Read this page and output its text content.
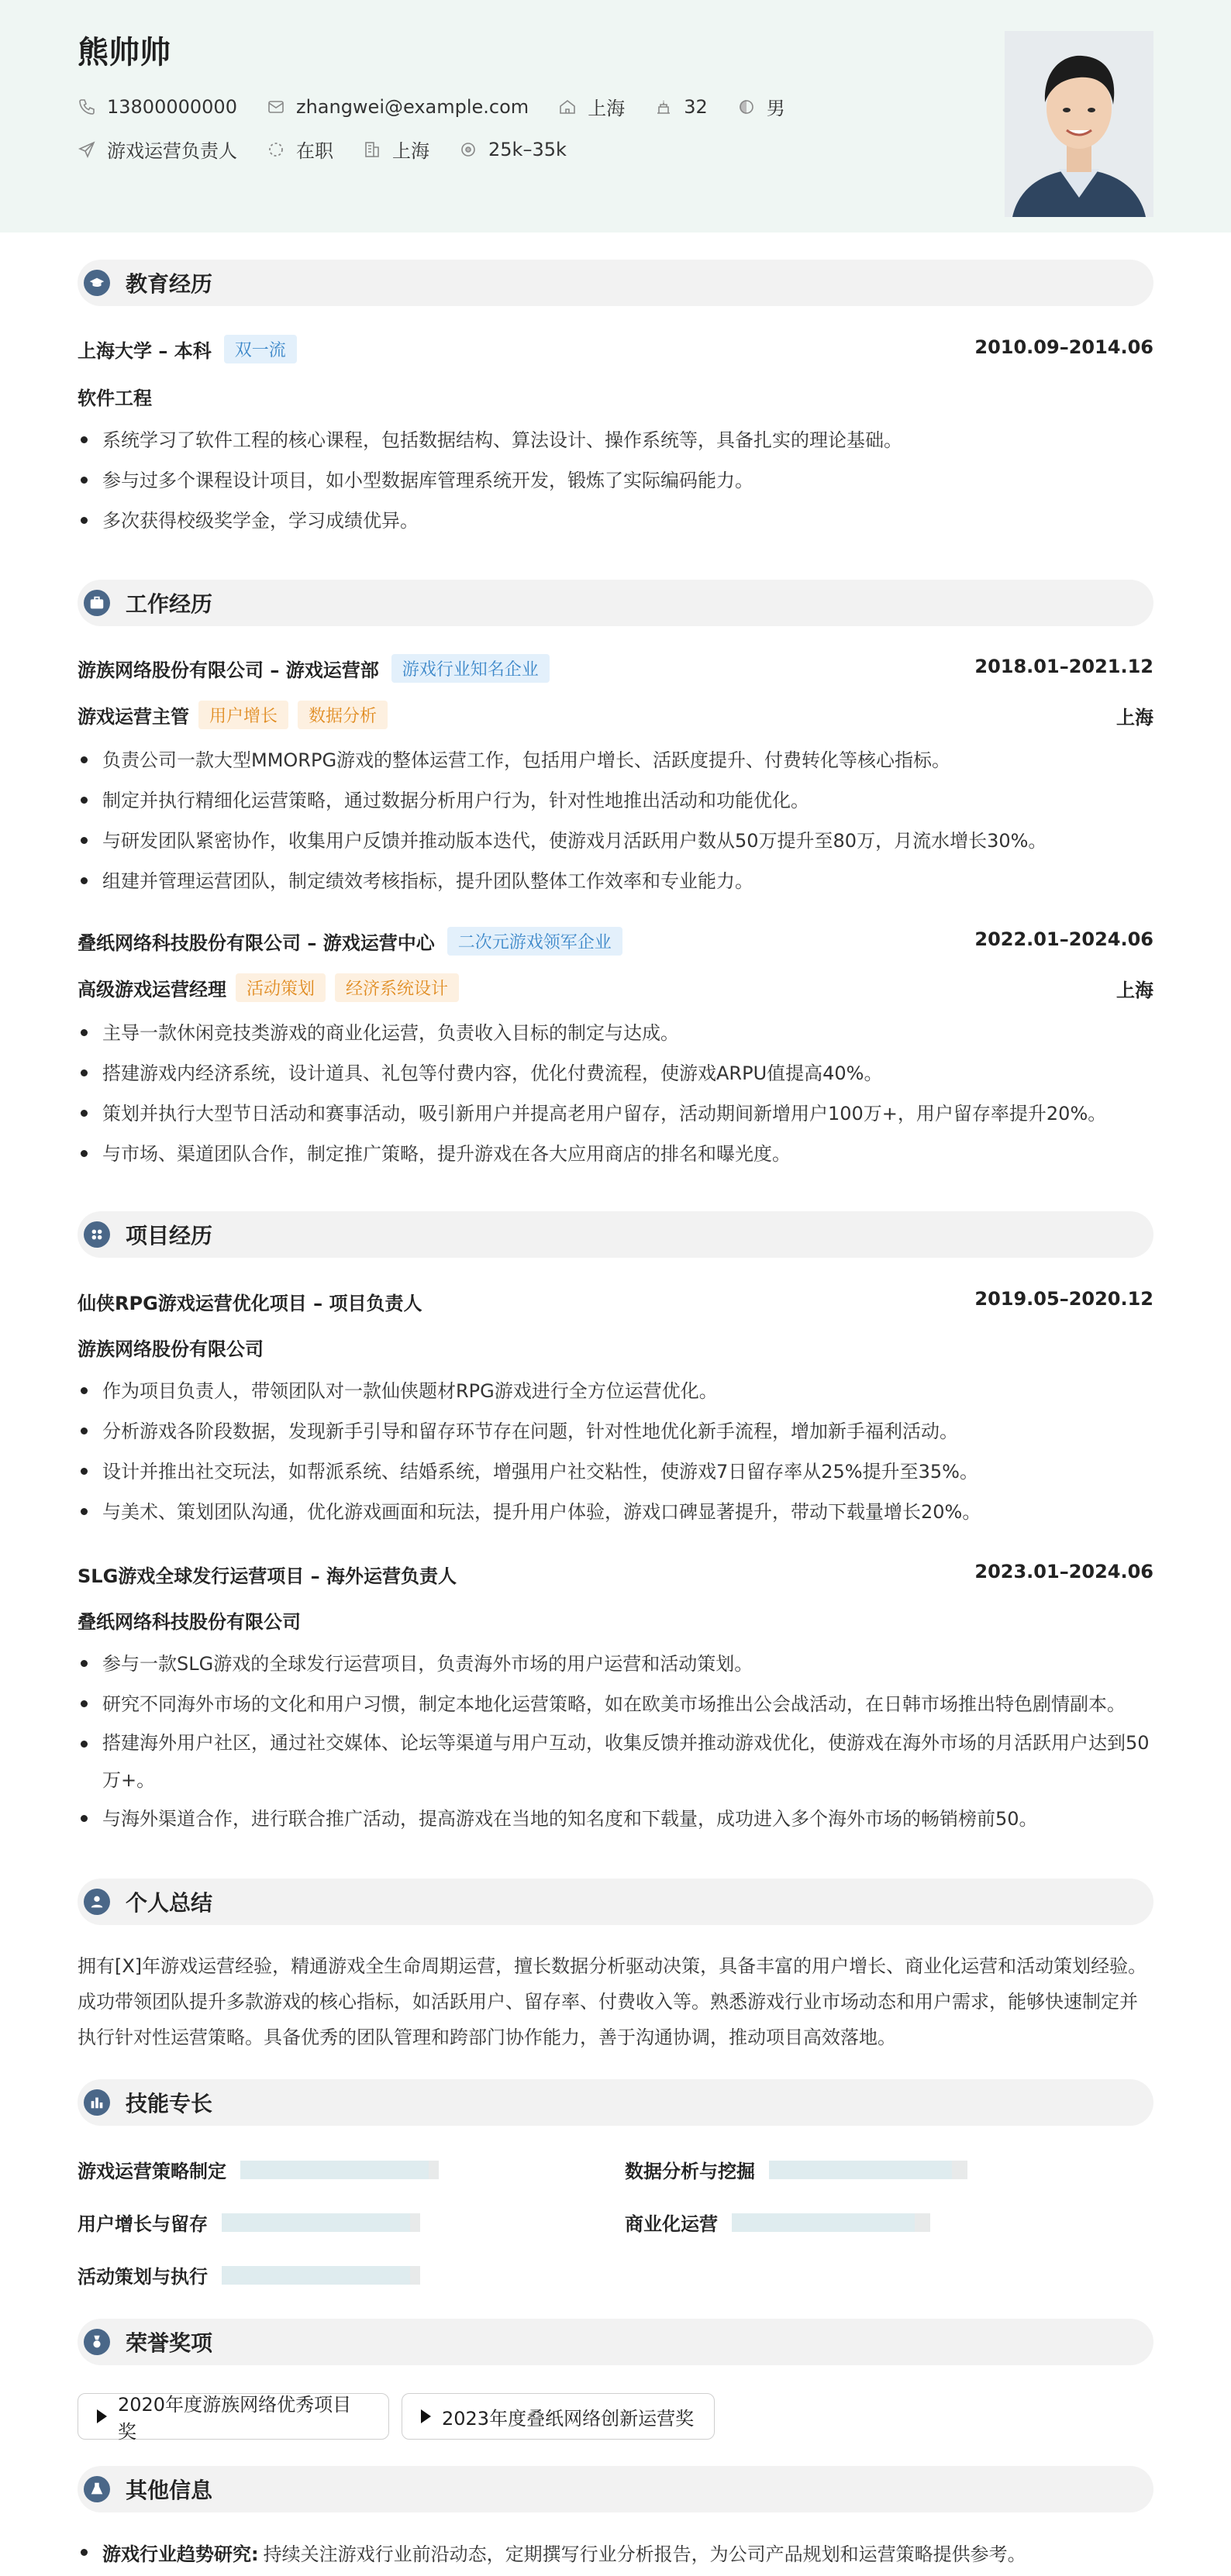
熊帅帅
13800000000	zhangwei@example.com	上海	32	男
游戏运营负责人	在职	上海	25k–35k
教育经历
上海大学 – 本科	双一流	2010.09–2014.06
软件工程
系统学习了软件工程的核心课程，包括数据结构、算法设计、操作系统等，具备扎实的理论基础。
参与过多个课程设计项目，如小型数据库管理系统开发，锻炼了实际编码能力。
多次获得校级奖学金，学习成绩优异。
工作经历
游族网络股份有限公司 – 游戏运营部	游戏行业知名企业	2018.01–2021.12
游戏运营主管	用户增长	数据分析	上海
负责公司一款大型MMORPG游戏的整体运营工作，包括用户增长、活跃度提升、付费转化等核心指标。
制定并执行精细化运营策略，通过数据分析用户行为，针对性地推出活动和功能优化。
与研发团队紧密协作，收集用户反馈并推动版本迭代，使游戏月活跃用户数从50万提升至80万，月流水增长30%。
组建并管理运营团队，制定绩效考核指标，提升团队整体工作效率和专业能力。
叠纸网络科技股份有限公司 – 游戏运营中心	二次元游戏领军企业	2022.01–2024.06
高级游戏运营经理	活动策划	经济系统设计	上海
主导一款休闲竞技类游戏的商业化运营，负责收入目标的制定与达成。
搭建游戏内经济系统，设计道具、礼包等付费内容，优化付费流程，使游戏ARPU值提高40%。
策划并执行大型节日活动和赛事活动，吸引新用户并提高老用户留存，活动期间新增用户100万+，用户留存率提升20%。
与市场、渠道团队合作，制定推广策略，提升游戏在各大应用商店的排名和曝光度。
项目经历
仙侠RPG游戏运营优化项目 – 项目负责人	2019.05–2020.12
游族网络股份有限公司
作为项目负责人，带领团队对一款仙侠题材RPG游戏进行全方位运营优化。
分析游戏各阶段数据，发现新手引导和留存环节存在问题，针对性地优化新手流程，增加新手福利活动。
设计并推出社交玩法，如帮派系统、结婚系统，增强用户社交粘性，使游戏7日留存率从25%提升至35%。
与美术、策划团队沟通，优化游戏画面和玩法，提升用户体验，游戏口碑显著提升，带动下载量增长20%。
SLG游戏全球发行运营项目 – 海外运营负责人	2023.01–2024.06
叠纸网络科技股份有限公司
参与一款SLG游戏的全球发行运营项目，负责海外市场的用户运营和活动策划。
研究不同海外市场的文化和用户习惯，制定本地化运营策略，如在欧美市场推出公会战活动，在日韩市场推出特色剧情副本。
搭建海外用户社区，通过社交媒体、论坛等渠道与用户互动，收集反馈并推动游戏优化，使游戏在海外市场的月活跃用户达到50万+。
与海外渠道合作，进行联合推广活动，提高游戏在当地的知名度和下载量，成功进入多个海外市场的畅销榜前50。
个人总结

拥有[X]年游戏运营经验，精通游戏全生命周期运营，擅长数据分析驱动决策，具备丰富的用户增长、商业化运营和活动策划经验。成功带领团队提升多款游戏的核心指标，如活跃用户、留存率、付费收入等。熟悉游戏行业市场动态和用户需求，能够快速制定并执行针对性运营策略。具备优秀的团队管理和跨部门协作能力，善于沟通协调，推动项目高效落地。

技能专长
游戏运营策略制定	数据分析与挖掘
用户增长与留存	商业化运营
活动策划与执行
荣誉奖项
2020年度游族网络优秀项目奖
2023年度叠纸网络创新运营奖
其他信息
游戏行业趋势研究: 持续关注游戏行业前沿动态，定期撰写行业分析报告，为公司产品规划和运营策略提供参考。
